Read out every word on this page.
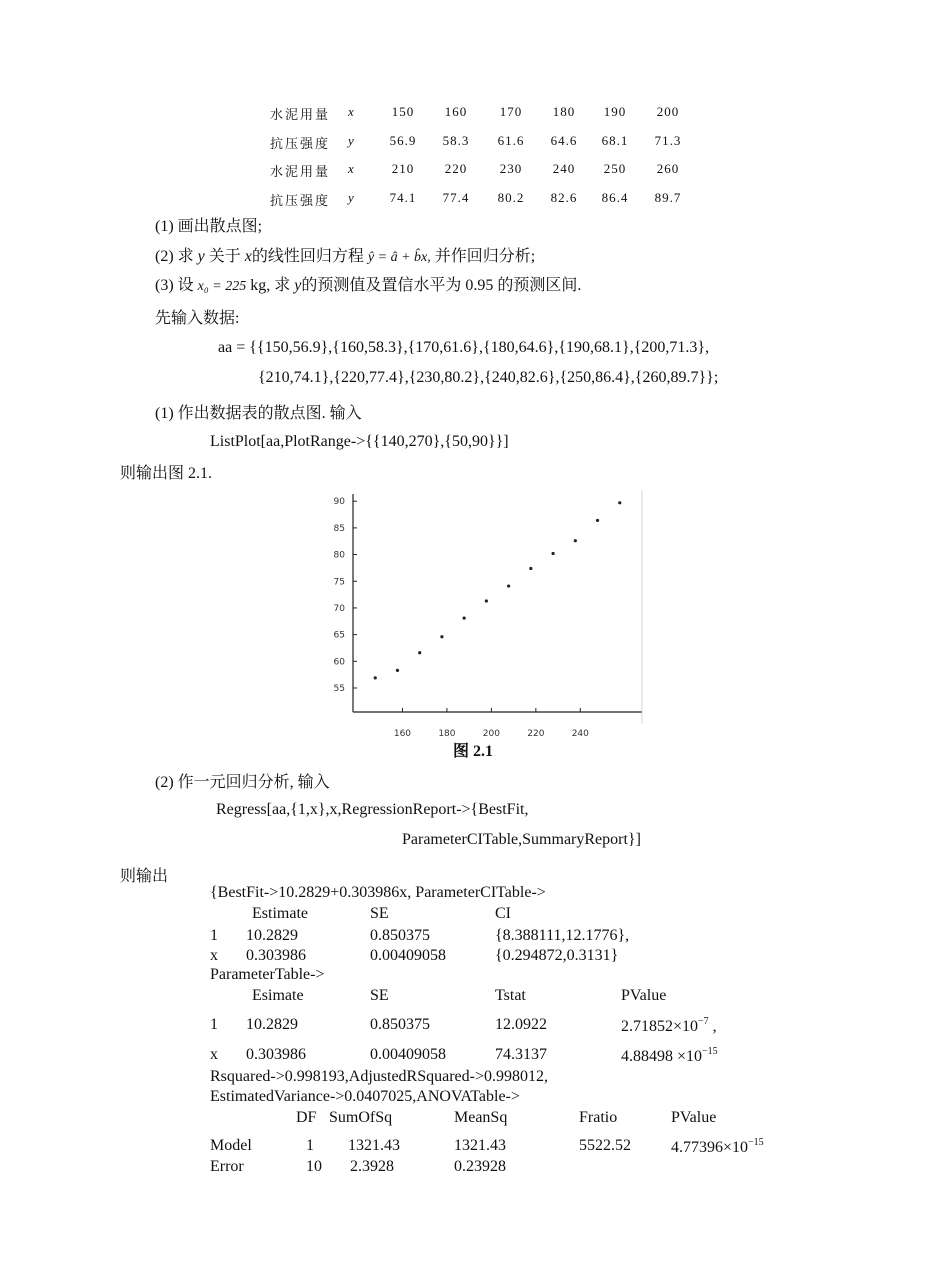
水泥用量 x	150	160	170	180	190	200
抗压强度 y	56.9	58.3	61.6	64.6	68.1	71.3
水泥用量 x	210	220	230	240	250	260
抗压强度 y	74.1	77.4	80.2	82.6	86.4	89.7
(1) 画出散点图;
(2) 求 y 关于 x的线性回归方程 ŷ = â + b̂x, 并作回归分析;
(3) 设 x₀ = 225 kg, 求 y的预测值及置信水平为 0.95 的预测区间.
先输入数据:
aa = {{150,56.9},{160,58.3},{170,61.6},{180,64.6},{190,68.1},{200,71.3},
{210,74.1},{220,77.4},{230,80.2},{240,82.6},{250,86.4},{260,89.7}};
(1) 作出数据表的散点图. 输入
ListPlot[aa,PlotRange->{{140,270},{50,90}}]
则输出图 2.1.
55
60
65
70
75
80
85
90
160	180	200	220	240
图 2.1
(2) 作一元回归分析, 输入
Regress[aa,{1,x},x,RegressionReport->{BestFit,
ParameterCITable,SummaryReport}]
则输出
{BestFit->10.2829+0.303986x, ParameterCITable->
Estimate	SE	CI
1 10.2829	0.850375	{8.388111,12.1776},
x 0.303986	0.00409058	{0.294872,0.3131}
ParameterTable->
Esimate	SE	Tstat	PValue
1 10.2829	0.850375	12.0922	$2.71852\times 10^{-7}$ ,
x 0.303986	0.00409058	74.3137	$4.88498 \times 10^{-15}$
Rsquared->0.998193,AdjustedRSquared->0.998012,
EstimatedVariance->0.0407025,ANOVATable->
DF SumOfSq	MeanSq	Fratio	PValue
Model	1 1321.43	1321.43	5522.52	$4.77396\times 10^{-15}$
Error	10 2.3928	0.23928
